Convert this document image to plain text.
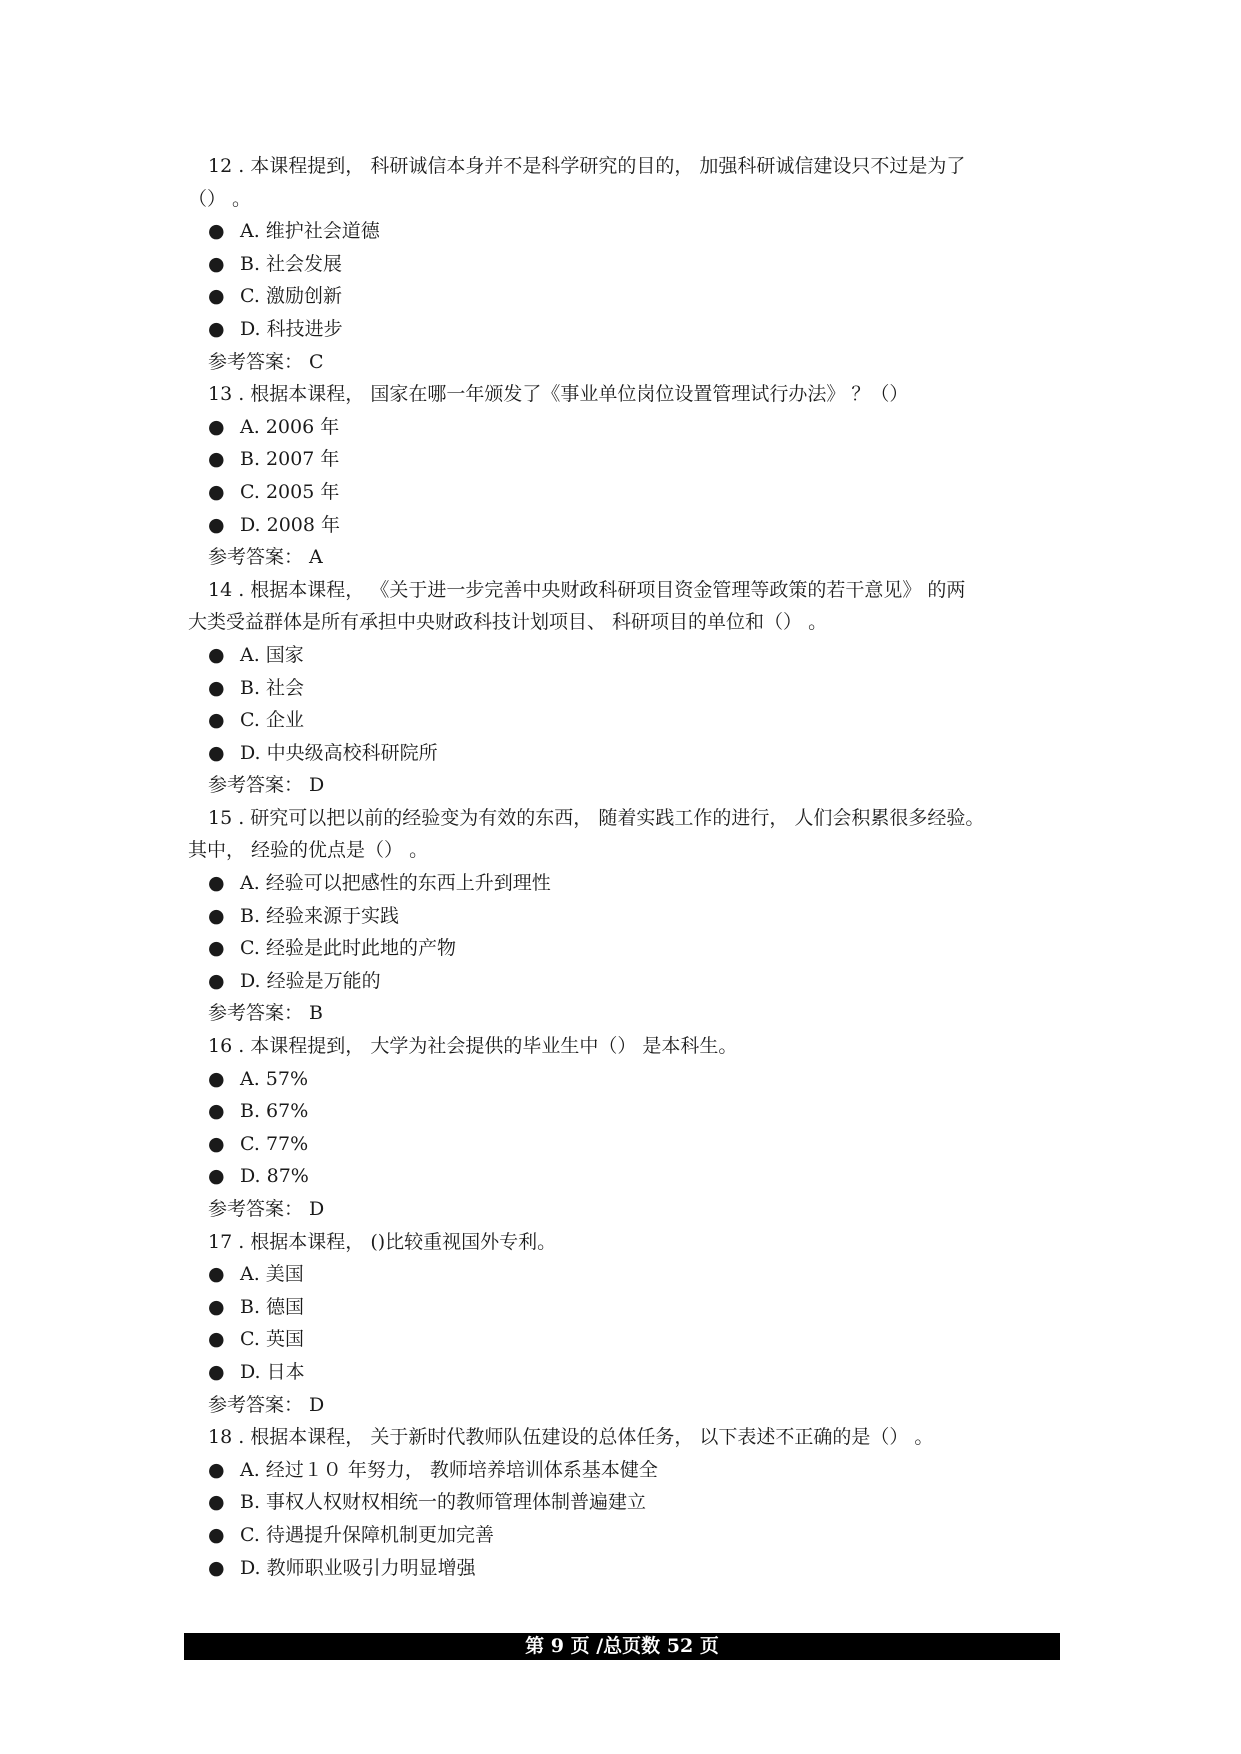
12 . 本课程提到， 科研诚信本身并不是科学研究的目的， 加强科研诚信建设只不过是为了
（） 。
● A. 维护社会道德
● B. 社会发展
● C. 激励创新
● D. 科技进步
参考答案： C
13 . 根据本课程， 国家在哪一年颁发了《事业单位岗位设置管理试行办法》 ？（）
● A. 2006 年
● B. 2007 年
● C. 2005 年
● D. 2008 年
参考答案： A
14 . 根据本课程， 《关于进一步完善中央财政科研项目资金管理等政策的若干意见》 的两
大类受益群体是所有承担中央财政科技计划项目、 科研项目的单位和（） 。
● A. 国家
● B. 社会
● C. 企业
● D. 中央级高校科研院所
参考答案： D
15 . 研究可以把以前的经验变为有效的东西， 随着实践工作的进行， 人们会积累很多经验。
其中， 经验的优点是（） 。
● A. 经验可以把感性的东西上升到理性
● B. 经验来源于实践
● C. 经验是此时此地的产物
● D. 经验是万能的
参考答案： B
16 . 本课程提到， 大学为社会提供的毕业生中（） 是本科生。
● A. 57%
● B. 67%
● C. 77%
● D. 87%
参考答案： D
17 . 根据本课程， ()比较重视国外专利。
● A. 美国
● B. 德国
● C. 英国
● D. 日本
参考答案： D
18 . 根据本课程， 关于新时代教师队伍建设的总体任务， 以下表述不正确的是（） 。
● A. 经过１０ 年努力， 教师培养培训体系基本健全
● B. 事权人权财权相统一的教师管理体制普遍建立
● C. 待遇提升保障机制更加完善
● D. 教师职业吸引力明显增强
第 9 页 /总页数 52 页
